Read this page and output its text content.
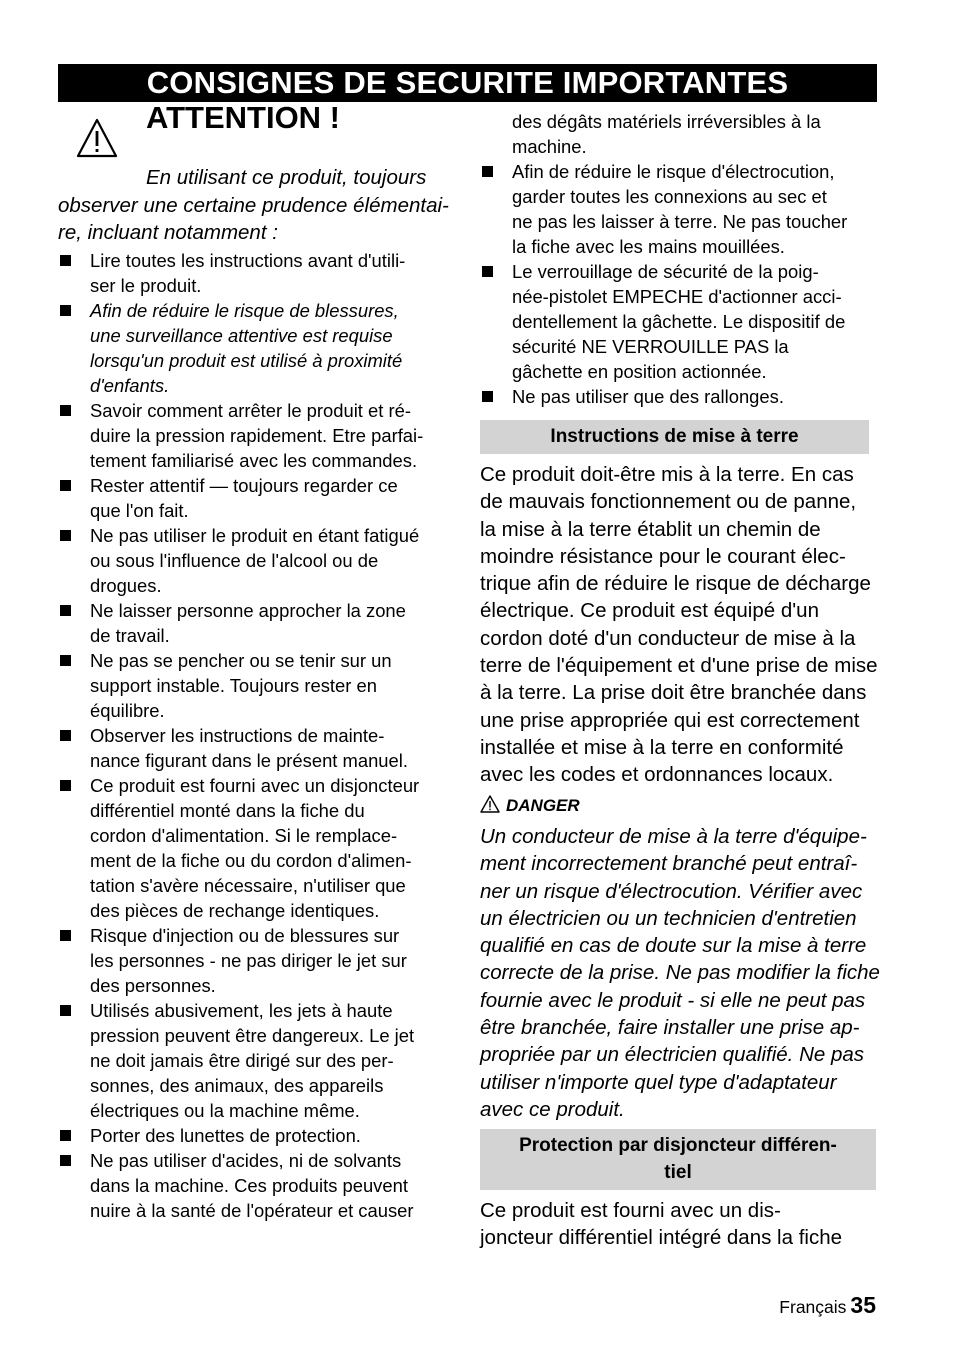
CONSIGNES DE SECURITE IMPORTANTES
ATTENTION !
En utilisant ce produit, toujours
observer une certaine prudence élémentai-
re, incluant notamment :
Lire toutes les instructions avant d'utili-
ser le produit.
Afin de réduire le risque de blessures,
une surveillance attentive est requise
lorsqu'un produit est utilisé à proximité
d'enfants.
Savoir comment arrêter le produit et ré-
duire la pression rapidement. Etre parfai-
tement familiarisé avec les commandes.
Rester attentif — toujours regarder ce
que l'on fait.
Ne pas utiliser le produit en étant fatigué
ou sous l'influence de l'alcool ou de
drogues.
Ne laisser personne approcher la zone
de travail.
Ne pas se pencher ou se tenir sur un
support instable. Toujours rester en
équilibre.
Observer les instructions de mainte-
nance figurant dans le présent manuel.
Ce produit est fourni avec un disjoncteur
différentiel monté dans la fiche du
cordon d'alimentation. Si le remplace-
ment de la fiche ou du cordon d'alimen-
tation s'avère nécessaire, n'utiliser que
des pièces de rechange identiques.
Risque d'injection ou de blessures sur
les personnes - ne pas diriger le jet sur
des personnes.
Utilisés abusivement, les jets à haute
pression peuvent être dangereux. Le jet
ne doit jamais être dirigé sur des per-
sonnes, des animaux, des appareils
électriques ou la machine même.
Porter des lunettes de protection.
Ne pas utiliser d'acides, ni de solvants
dans la machine. Ces produits peuvent
nuire à la santé de l'opérateur et causer
des dégâts matériels irréversibles à la
machine.
Afin de réduire le risque d'électrocution,
garder toutes les connexions au sec et
ne pas les laisser à terre. Ne pas toucher
la fiche avec les mains mouillées.
Le verrouillage de sécurité de la poig-
née-pistolet EMPECHE d'actionner acci-
dentellement la gâchette. Le dispositif de
sécurité NE VERROUILLE PAS la
gâchette en position actionnée.
Ne pas utiliser que des rallonges.
Instructions de mise à terre
Ce produit doit-être mis à la terre. En cas
de mauvais fonctionnement ou de panne,
la mise à la terre établit un chemin de
moindre résistance pour le courant élec-
trique afin de réduire le risque de décharge
électrique. Ce produit est équipé d'un
cordon doté d'un conducteur de mise à la
terre de l'équipement et d'une prise de mise
à la terre. La prise doit être branchée dans
une prise appropriée qui est correctement
installée et mise à la terre en conformité
avec les codes et ordonnances locaux.
DANGER
Un conducteur de mise à la terre d'équipe-
ment incorrectement branché peut entraî-
ner un risque d'électrocution. Vérifier avec
un électricien ou un technicien d'entretien
qualifié en cas de doute sur la mise à terre
correcte de la prise. Ne pas modifier la fiche
fournie avec le produit - si elle ne peut pas
être branchée, faire installer une prise ap-
propriée par un électricien qualifié. Ne pas
utiliser n'importe quel type d'adaptateur
avec ce produit.
Protection par disjoncteur différen-
tiel
Ce produit est fourni avec un dis-
joncteur différentiel intégré dans la fiche
Français 35
